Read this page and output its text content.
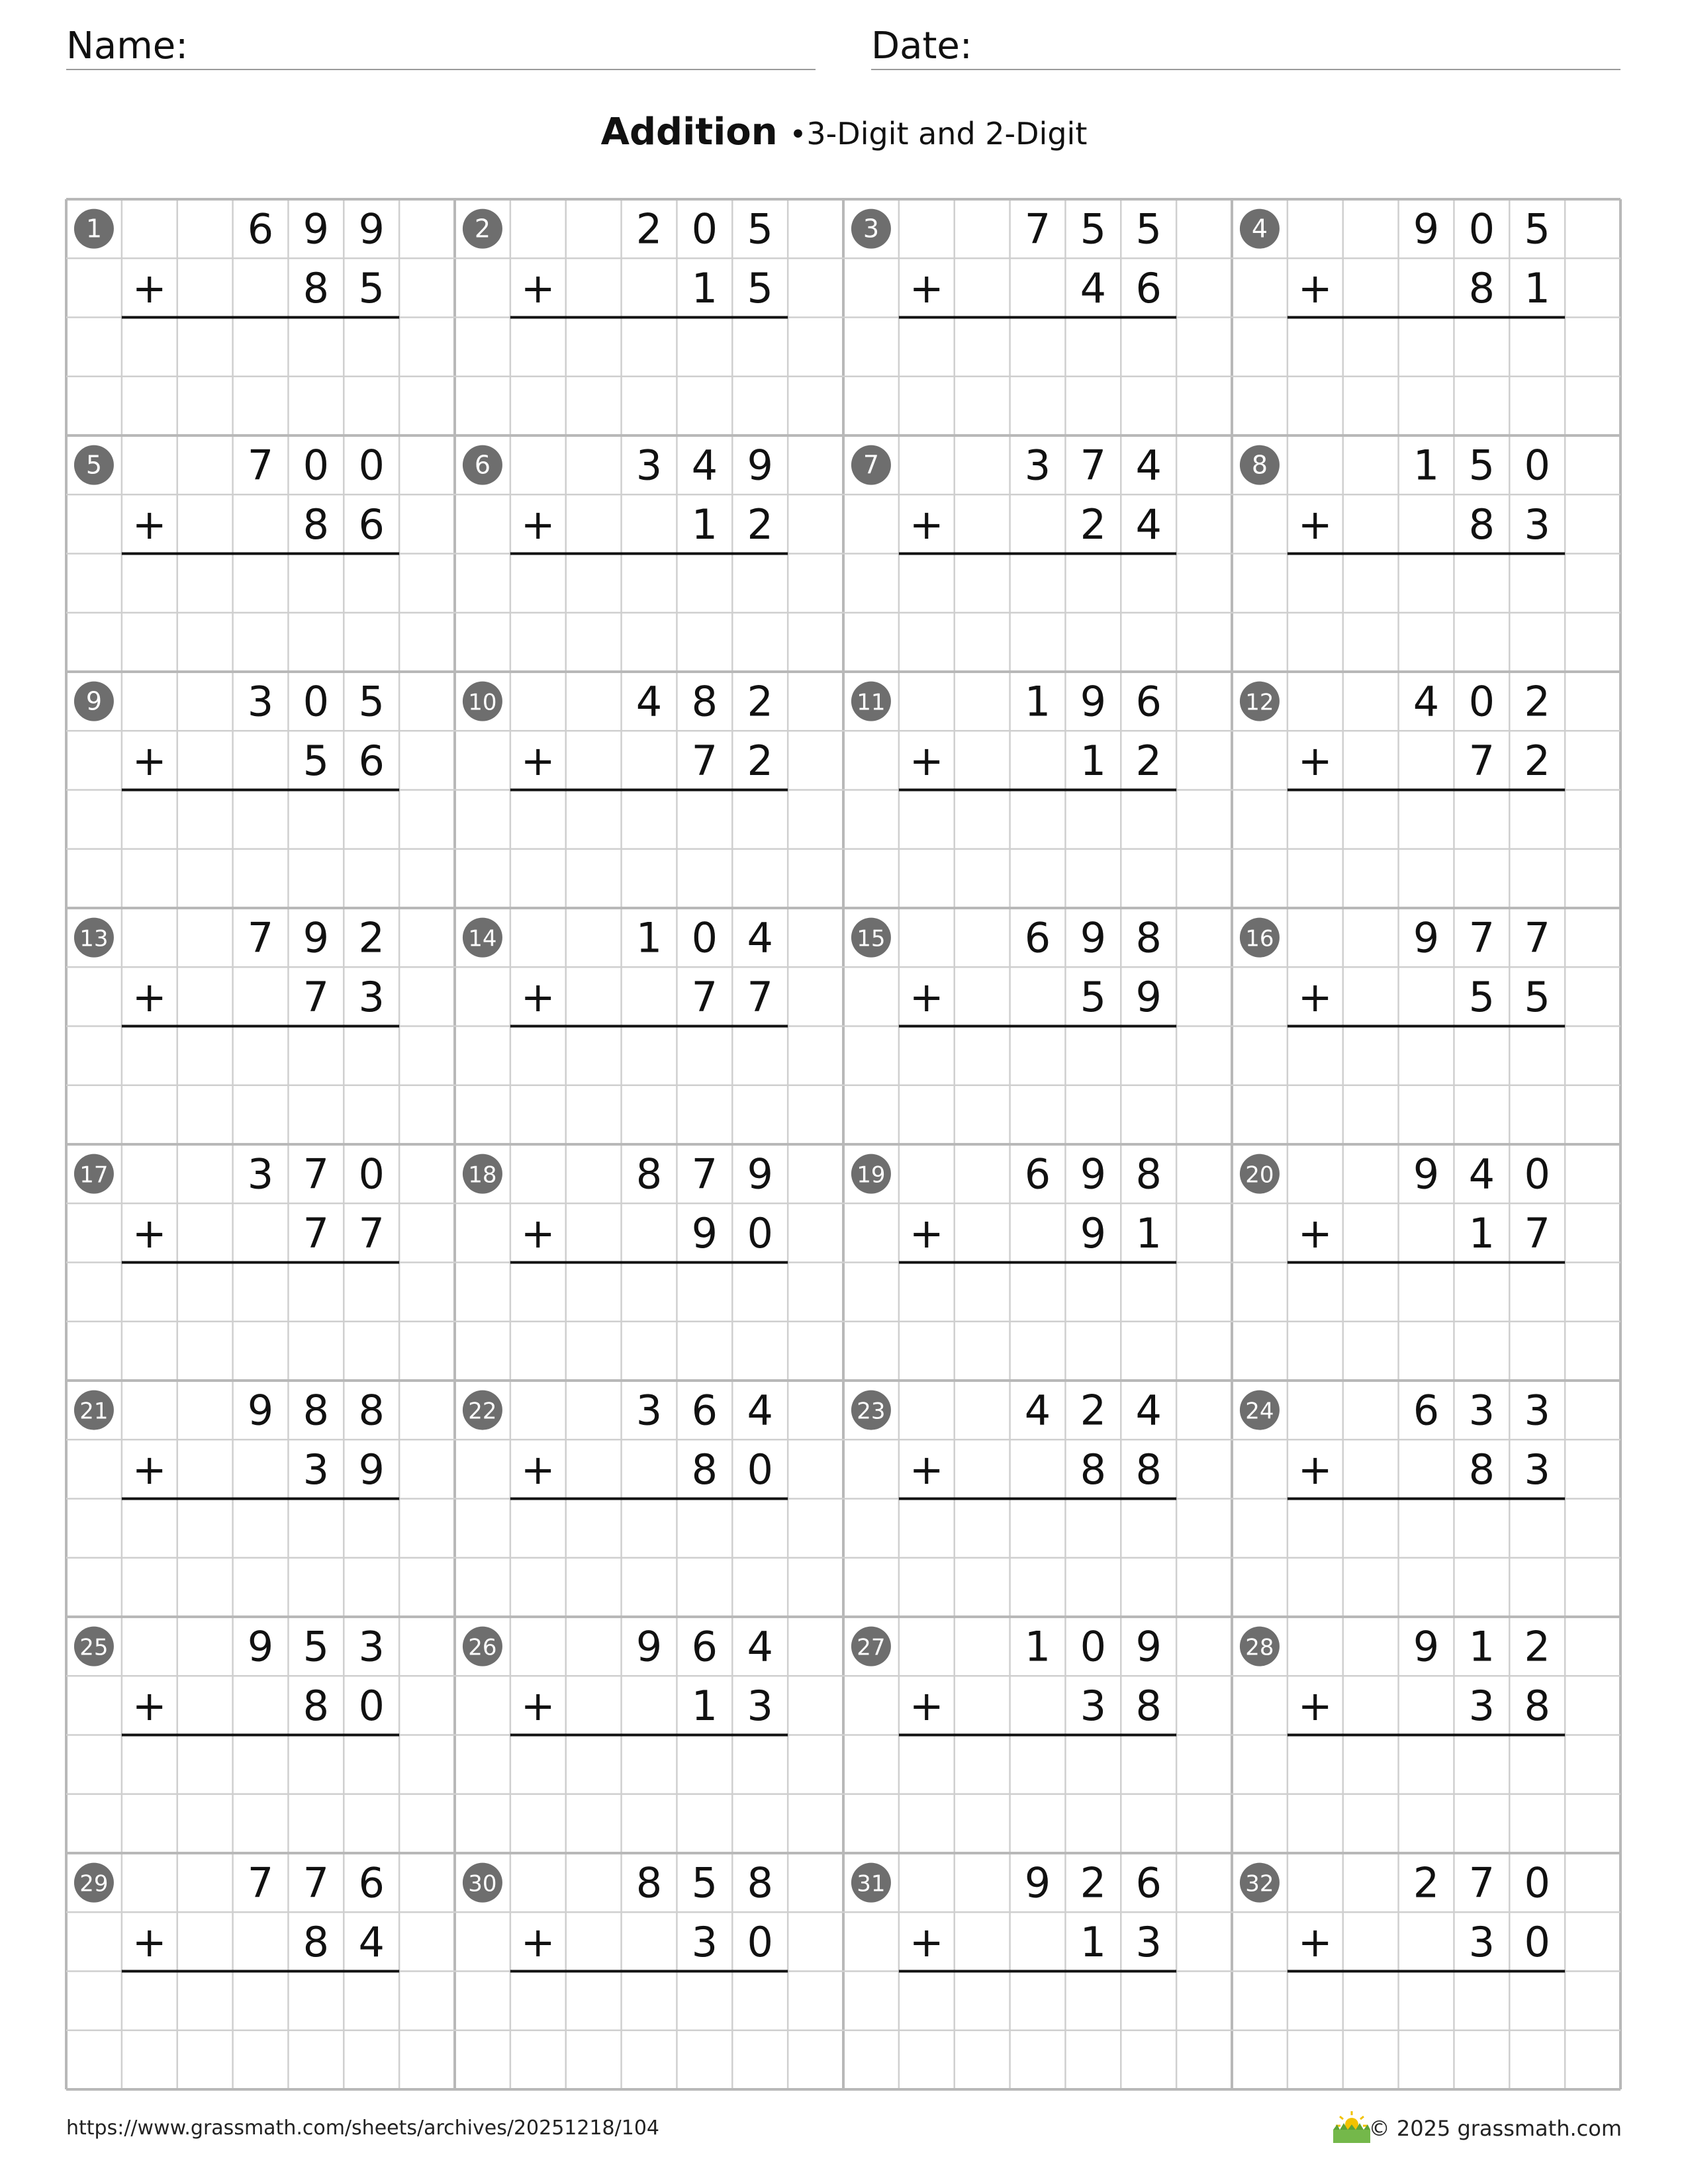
Name:	Date:
Addition •3-Digit and 2-Digit
1	6 9 9
8 5
+
2	2 0 5
1 5
+
3	7 5 5
4 6
+
4	9 0 5
8 1
+
5	7 0 0
8 6
+
6	3 4 9
1 2
+
7	3 7 4
2 4
+
8	1 5 0
8 3
+
9	3 0 5
5 6
+
10	4 8 2
7 2
+
11	1 9 6
1 2
+
12	4 0 2
7 2
+
13	7 9 2
7 3
+
14	1 0 4
7 7
+
15	6 9 8
5 9
+
16	9 7 7
5 5
+
17	3 7 0
7 7
+
18	8 7 9
9 0
+
19	6 9 8
9 1
+
20	9 4 0
1 7
+
21	9 8 8
3 9
+
22	3 6 4
8 0
+
23	4 2 4
8 8
+
24	6 3 3
8 3
+
25	9 5 3
8 0
+
26	9 6 4
1 3
+
27	1 0 9
3 8
+
28	9 1 2
3 8
+
29	7 7 6
8 4
+
30	8 5 8
3 0
+
31	9 2 6
1 3
+
32	2 7 0
3 0
+
https://www.grassmath.com/sheets/archives/20251218/104	© 2025 grassmath.com
